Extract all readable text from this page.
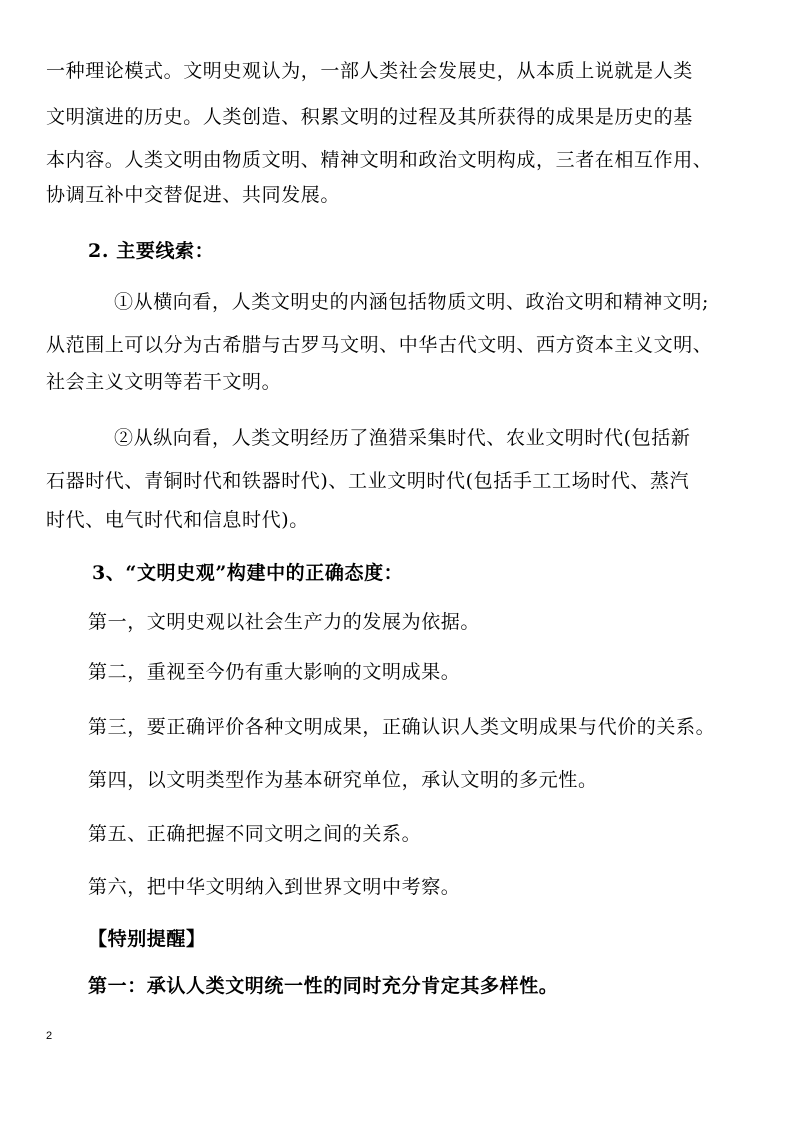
一种理论模式。文明史观认为，一部人类社会发展史，从本质上说就是人类
文明演进的历史。人类创造、积累文明的过程及其所获得的成果是历史的基
本内容。人类文明由物质文明、精神文明和政治文明构成，三者在相互作用、
协调互补中交替促进、共同发展。
2. 主要线索：
①从横向看，人类文明史的内涵包括物质文明、政治文明和精神文明;
从范围上可以分为古希腊与古罗马文明、中华古代文明、西方资本主义文明、
社会主义文明等若干文明。
②从纵向看，人类文明经历了渔猎采集时代、农业文明时代(包括新
石器时代、青铜时代和铁器时代)、工业文明时代(包括手工工场时代、蒸汽
时代、电气时代和信息时代)。
3、“文明史观”构建中的正确态度：
第一，文明史观以社会生产力的发展为依据。
第二，重视至今仍有重大影响的文明成果。
第三，要正确评价各种文明成果，正确认识人类文明成果与代价的关系。
第四，以文明类型作为基本研究单位，承认文明的多元性。
第五、正确把握不同文明之间的关系。
第六，把中华文明纳入到世界文明中考察。
【特别提醒】
第一：承认人类文明统一性的同时充分肯定其多样性。
2
